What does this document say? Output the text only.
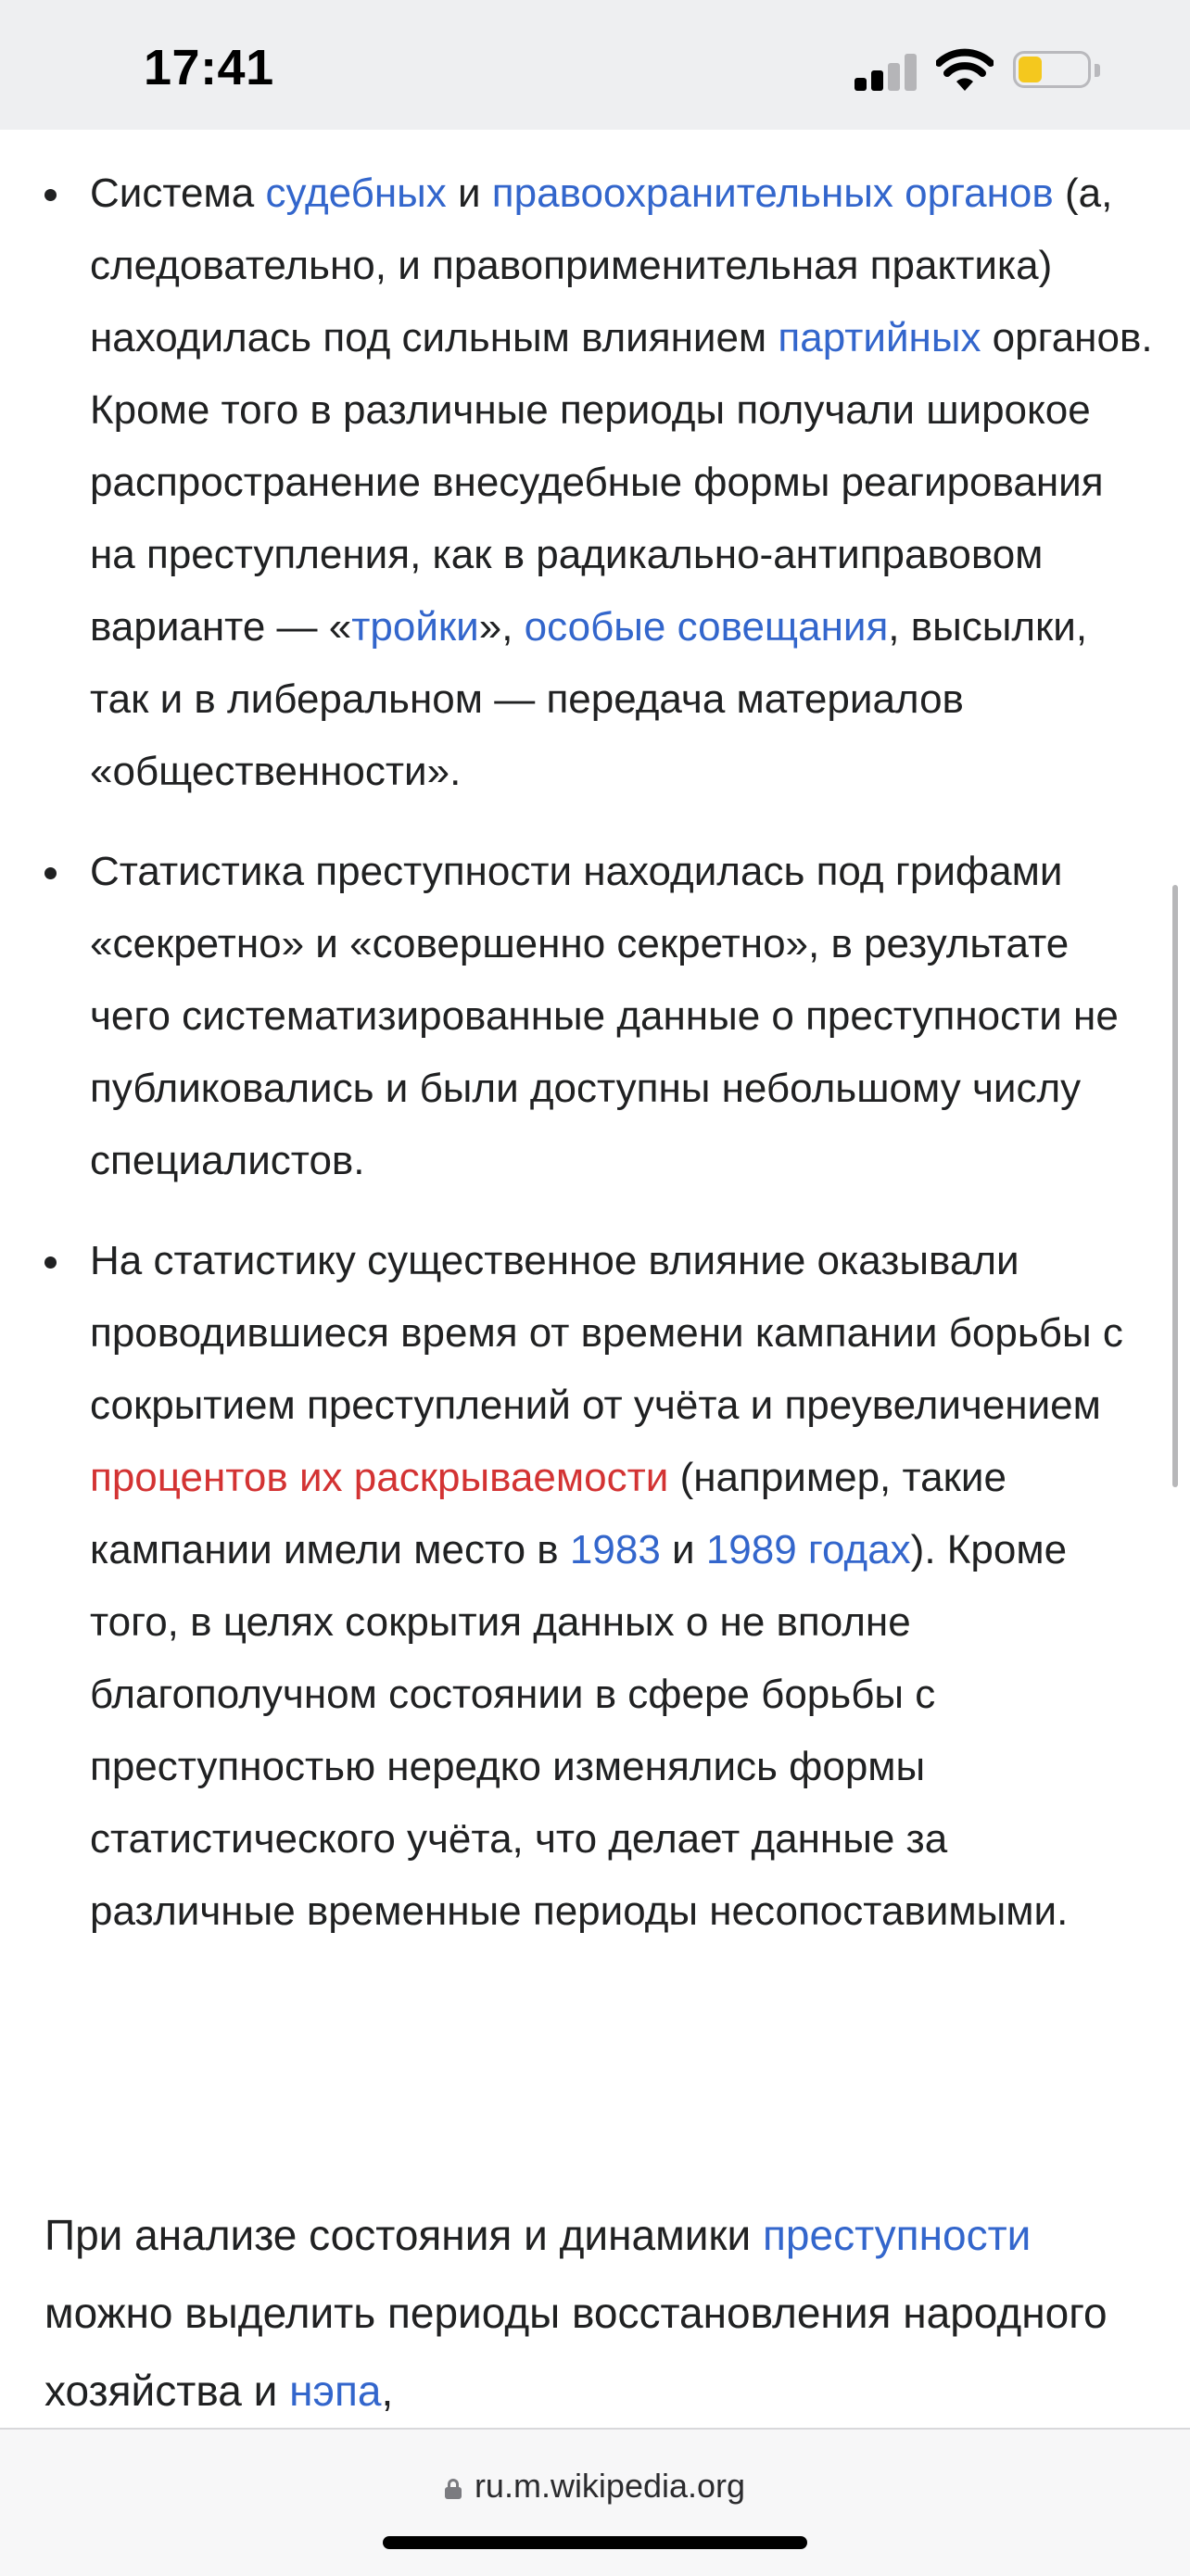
17:41
Система судебных и правоохранительных органов (а, следовательно, и правоприменительная практика) находилась под сильным влиянием партийных органов. Кроме того в различные периоды получали широкое распространение внесудебные формы реагирования на преступления, как в радикально-антиправовом варианте — «тройки», особые совещания, высылки, так и в либеральном — передача материалов «общественности».
Статистика преступности находилась под грифами «секретно» и «совершенно секретно», в результате чего систематизированные данные о преступности не публиковались и были доступны небольшому числу специалистов.
На статистику существенное влияние оказывали проводившиеся время от времени кампании борьбы с сокрытием преступлений от учёта и преувеличением процентов их раскрываемости (например, такие кампании имели место в 1983 и 1989 годах). Кроме того, в целях сокрытия данных о не вполне благополучном состоянии в сфере борьбы с преступностью нередко изменялись формы статистического учёта, что делает данные за различные временные периоды несопоставимыми.
При анализе состояния и динамики преступности можно выделить периоды восстановления народного хозяйства и нэпа,
ru.m.wikipedia.org
